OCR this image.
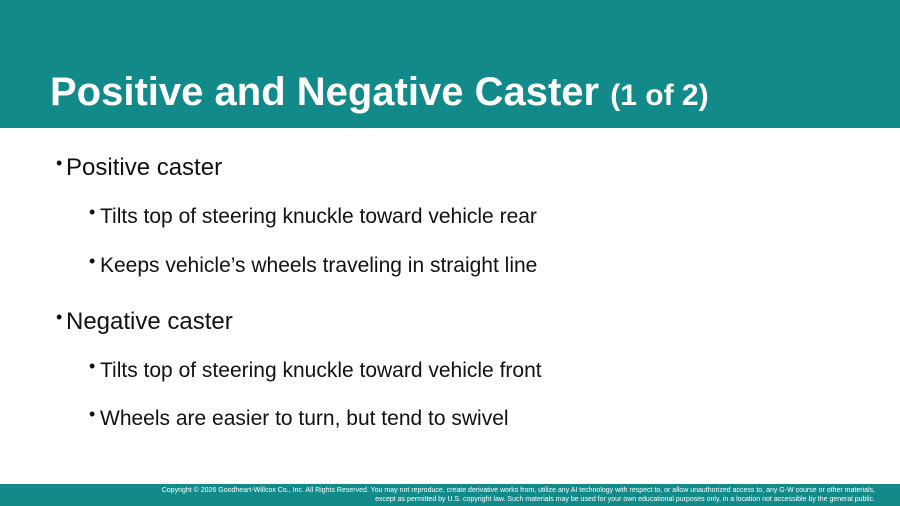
Positive and Negative Caster (1 of 2)
• Positive caster
• Tilts top of steering knuckle toward vehicle rear
• Keeps vehicle’s wheels traveling in straight line
• Negative caster
• Tilts top of steering knuckle toward vehicle front
• Wheels are easier to turn, but tend to swivel
Copyright © 2026 Goodheart-Willcox Co., Inc. All Rights Reserved. You may not reproduce, create derivative works from, utilize any AI technology with respect to, or allow unauthorized access to, any G-W course or other materials,
except as permitted by U.S. copyright law. Such materials may be used for your own educational purposes only, in a location not accessible by the general public.
